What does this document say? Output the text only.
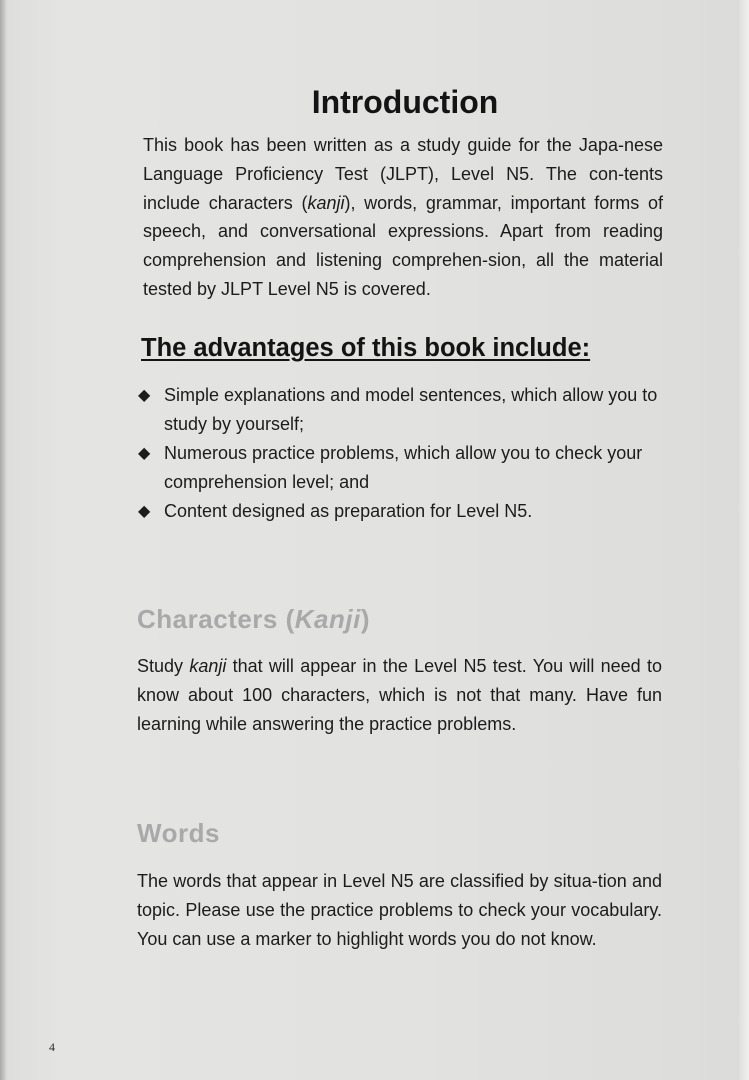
Introduction

This book has been written as a study guide for the Japa-nese Language Proficiency Test (JLPT), Level N5. The con-tents include characters (kanji), words, grammar, important forms of speech, and conversational expressions. Apart from reading comprehension and listening comprehen-sion, all the material tested by JLPT Level N5 is covered.

The advantages of this book include:
◆ Simple explanations and model sentences, which allow you to study by yourself;
◆ Numerous practice problems, which allow you to check your comprehension level; and
◆ Content designed as preparation for Level N5.
Characters (Kanji)

Study kanji that will appear in the Level N5 test. You will need to know about 100 characters, which is not that many. Have fun learning while answering the practice problems.

Words

The words that appear in Level N5 are classified by situa-tion and topic. Please use the practice problems to check your vocabulary. You can use a marker to highlight words you do not know.

4
